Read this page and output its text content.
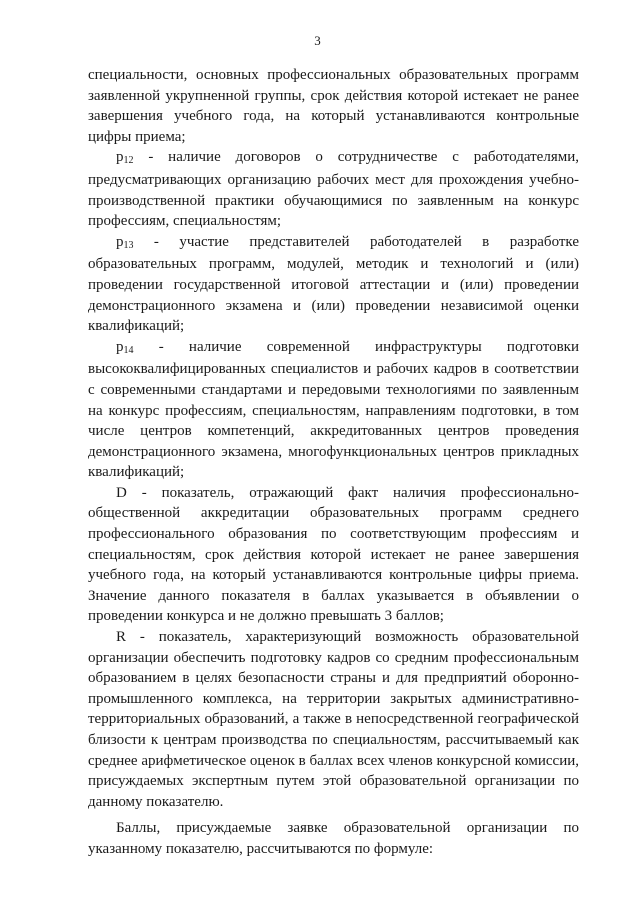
3

специальности, основных профессиональных образовательных программ заявленной укрупненной группы, срок действия которой истекает не ранее завершения учебного года, на который устанавливаются контрольные цифры приема;

$p_{12}$ - наличие договоров о сотрудничестве с работодателями, предусматривающих организацию рабочих мест для прохождения учебно-производственной практики обучающимися по заявленным на конкурс профессиям, специальностям;

$p_{13}$ - участие представителей работодателей в разработке образовательных программ, модулей, методик и технологий и (или) проведении государственной итоговой аттестации и (или) проведении демонстрационного экзамена и (или) проведении независимой оценки квалификаций;

$p_{14}$ - наличие современной инфраструктуры подготовки высококвалифицированных специалистов и рабочих кадров в соответствии с современными стандартами и передовыми технологиями по заявленным на конкурс профессиям, специальностям, направлениям подготовки, в том числе центров компетенций, аккредитованных центров проведения демонстрационного экзамена, многофункциональных центров прикладных квалификаций;

D - показатель, отражающий факт наличия профессионально-общественной аккредитации образовательных программ среднего профессионального образования по соответствующим профессиям и специальностям, срок действия которой истекает не ранее завершения учебного года, на который устанавливаются контрольные цифры приема. Значение данного показателя в баллах указывается в объявлении о проведении конкурса и не должно превышать 3 баллов;

R - показатель, характеризующий возможность образовательной организации обеспечить подготовку кадров со средним профессиональным образованием в целях безопасности страны и для предприятий оборонно-промышленного комплекса, на территории закрытых административно-территориальных образований, а также в непосредственной географической близости к центрам производства по специальностям, рассчитываемый как среднее арифметическое оценок в баллах всех членов конкурсной комиссии, присуждаемых экспертным путем этой образовательной организации по данному показателю.

Баллы, присуждаемые заявке образовательной организации по указанному показателю, рассчитываются по формуле:
